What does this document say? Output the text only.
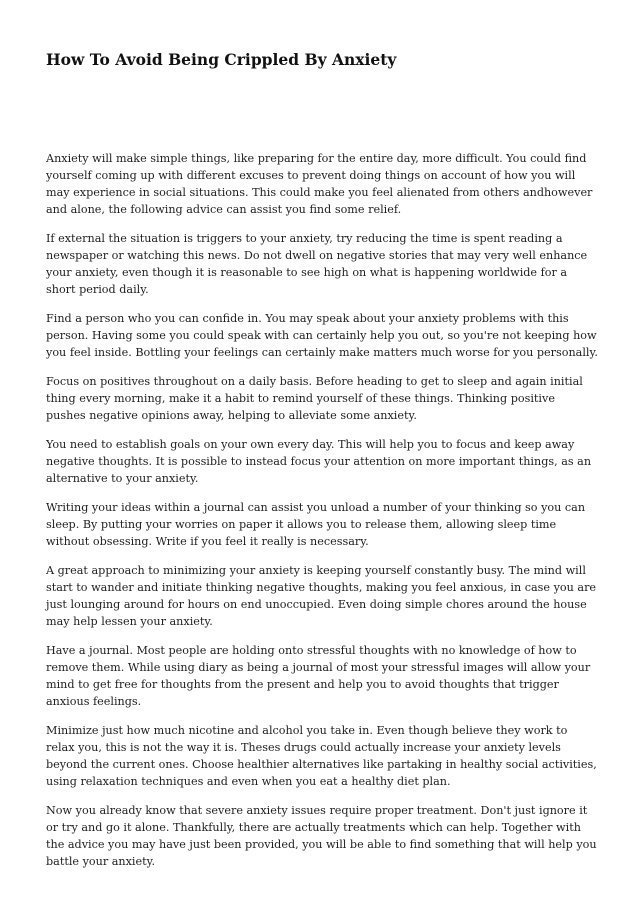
How To Avoid Being Crippled By Anxiety

Anxiety will make simple things, like preparing for the entire day, more difficult. You could find yourself coming up with different excuses to prevent doing things on account of how you will may experience in social situations. This could make you feel alienated from others andhowever and alone, the following advice can assist you find some relief.

If external the situation is triggers to your anxiety, try reducing the time is spent reading a newspaper or watching this news. Do not dwell on negative stories that may very well enhance your anxiety, even though it is reasonable to see high on what is happening worldwide for a short period daily.

Find a person who you can confide in. You may speak about your anxiety problems with this person. Having some you could speak with can certainly help you out, so you're not keeping how you feel inside. Bottling your feelings can certainly make matters much worse for you personally.

Focus on positives throughout on a daily basis. Before heading to get to sleep and again initial thing every morning, make it a habit to remind yourself of these things. Thinking positive pushes negative opinions away, helping to alleviate some anxiety.

You need to establish goals on your own every day. This will help you to focus and keep away negative thoughts. It is possible to instead focus your attention on more important things, as an alternative to your anxiety.

Writing your ideas within a journal can assist you unload a number of your thinking so you can sleep. By putting your worries on paper it allows you to release them, allowing sleep time without obsessing. Write if you feel it really is necessary.

A great approach to minimizing your anxiety is keeping yourself constantly busy. The mind will start to wander and initiate thinking negative thoughts, making you feel anxious, in case you are just lounging around for hours on end unoccupied. Even doing simple chores around the house may help lessen your anxiety.

Have a journal. Most people are holding onto stressful thoughts with no knowledge of how to remove them. While using diary as being a journal of most your stressful images will allow your mind to get free for thoughts from the present and help you to avoid thoughts that trigger anxious feelings.

Minimize just how much nicotine and alcohol you take in. Even though believe they work to relax you, this is not the way it is. Theses drugs could actually increase your anxiety levels beyond the current ones. Choose healthier alternatives like partaking in healthy social activities, using relaxation techniques and even when you eat a healthy diet plan.

Now you already know that severe anxiety issues require proper treatment. Don't just ignore it or try and go it alone. Thankfully, there are actually treatments which can help. Together with the advice you may have just been provided, you will be able to find something that will help you battle your anxiety.
